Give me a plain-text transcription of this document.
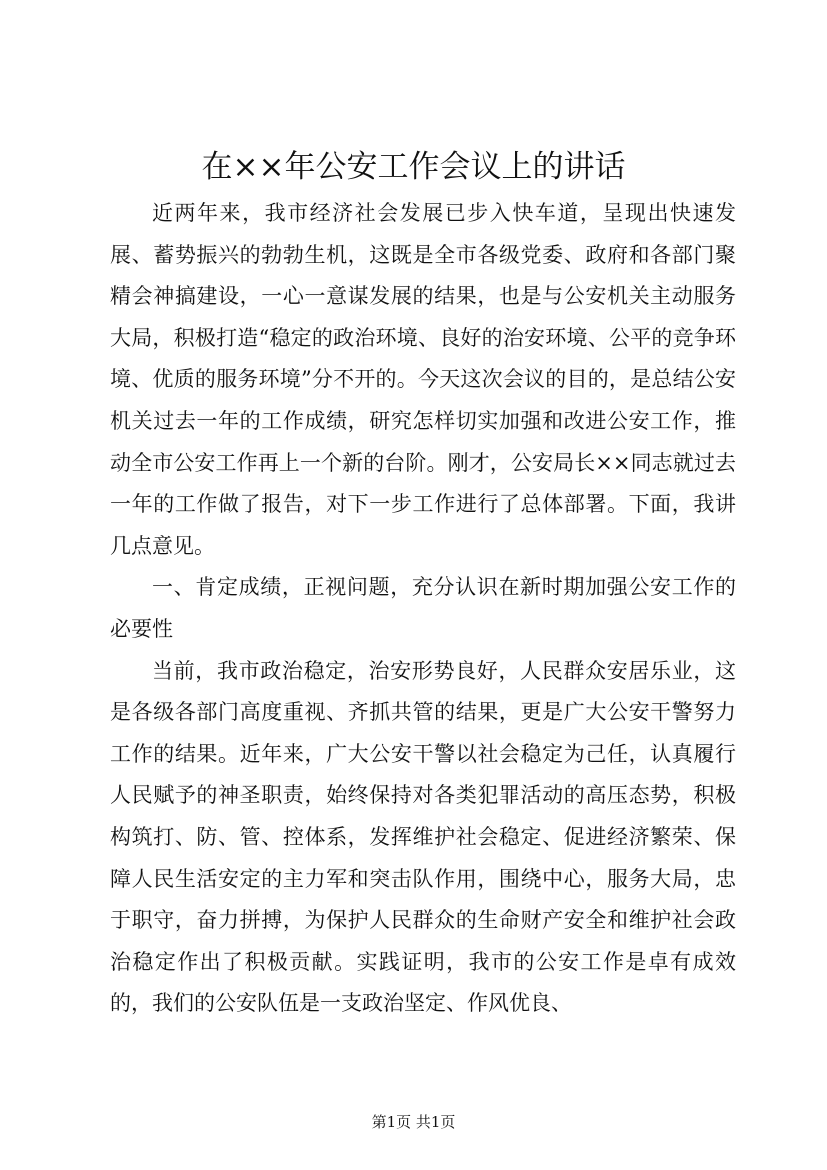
在××年公安工作会议上的讲话

近两年来，我市经济社会发展已步入快车道，呈现出快速发展、蓄势振兴的勃勃生机，这既是全市各级党委、政府和各部门聚精会神搞建设，一心一意谋发展的结果，也是与公安机关主动服务大局，积极打造“稳定的政治环境、良好的治安环境、公平的竞争环境、优质的服务环境”分不开的。今天这次会议的目的，是总结公安机关过去一年的工作成绩，研究怎样切实加强和改进公安工作，推动全市公安工作再上一个新的台阶。刚才，公安局长××同志就过去一年的工作做了报告，对下一步工作进行了总体部署。下面，我讲几点意见。

一、肯定成绩，正视问题，充分认识在新时期加强公安工作的必要性

当前，我市政治稳定，治安形势良好，人民群众安居乐业，这是各级各部门高度重视、齐抓共管的结果，更是广大公安干警努力工作的结果。近年来，广大公安干警以社会稳定为己任，认真履行人民赋予的神圣职责，始终保持对各类犯罪活动的高压态势，积极构筑打、防、管、控体系，发挥维护社会稳定、促进经济繁荣、保障人民生活安定的主力军和突击队作用，围绕中心，服务大局，忠于职守，奋力拼搏，为保护人民群众的生命财产安全和维护社会政治稳定作出了积极贡献。实践证明，我市的公安工作是卓有成效的，我们的公安队伍是一支政治坚定、作风优良、

第1页 共1页
